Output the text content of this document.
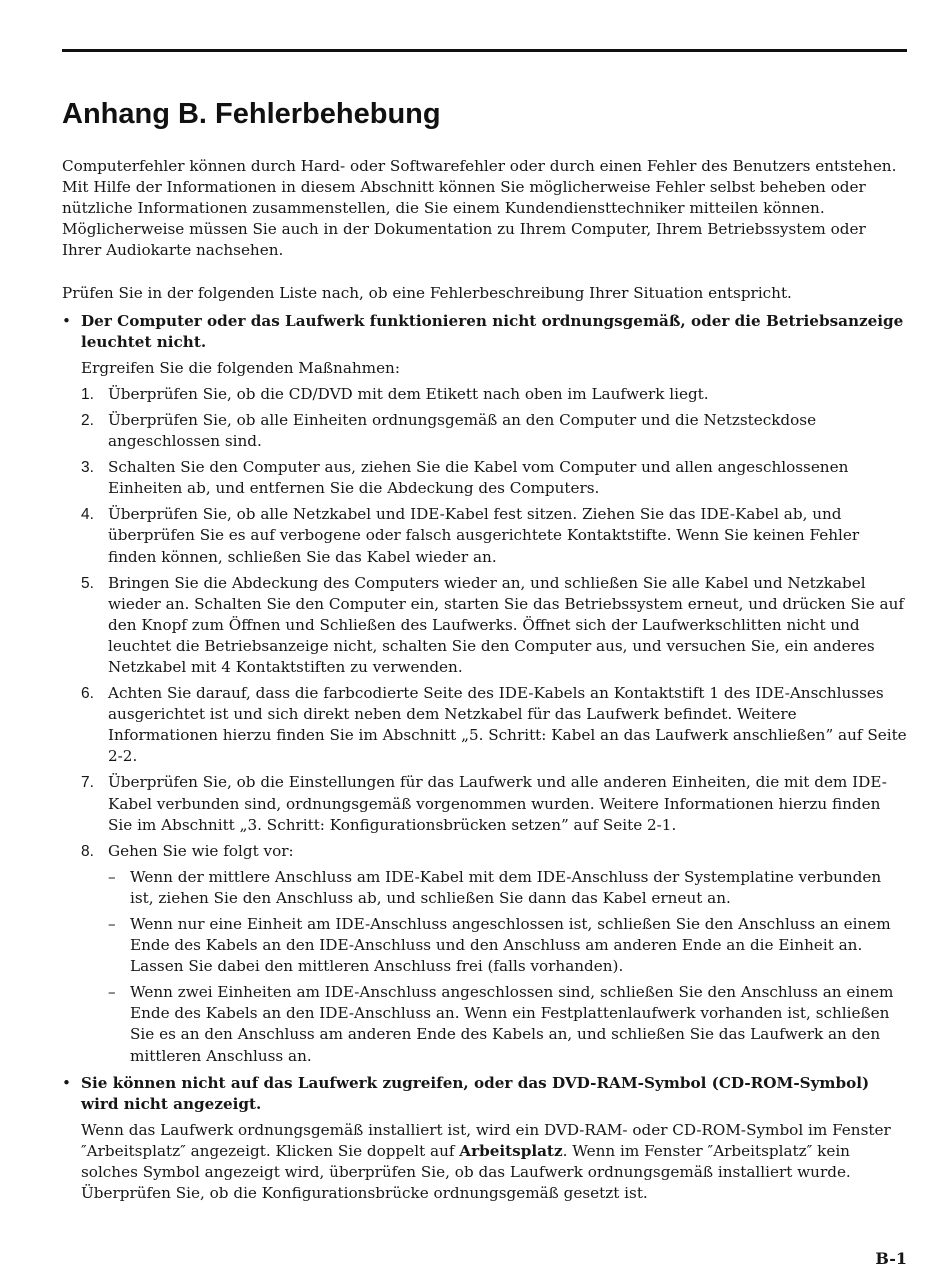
Anhang B. Fehlerbehebung

Computerfehler können durch Hard- oder Softwarefehler oder durch einen Fehler des Benutzers entstehen. Mit Hilfe der Informationen in diesem Abschnitt können Sie möglicherweise Fehler selbst beheben oder nützliche Informationen zusammenstellen, die Sie einem Kundendiensttechniker mitteilen können. Möglicherweise müssen Sie auch in der Dokumentation zu Ihrem Computer, Ihrem Betriebssystem oder Ihrer Audiokarte nachsehen.

Prüfen Sie in der folgenden Liste nach, ob eine Fehlerbeschreibung Ihrer Situation entspricht.

• Der Computer oder das Laufwerk funktionieren nicht ordnungsgemäß, oder die Betriebsanzeige leuchtet nicht.

Ergreifen Sie die folgenden Maßnahmen:

1. Überprüfen Sie, ob die CD/DVD mit dem Etikett nach oben im Laufwerk liegt.
2. Überprüfen Sie, ob alle Einheiten ordnungsgemäß an den Computer und die Netzsteckdose angeschlossen sind.
3. Schalten Sie den Computer aus, ziehen Sie die Kabel vom Computer und allen angeschlossenen Einheiten ab, und entfernen Sie die Abdeckung des Computers.
4. Überprüfen Sie, ob alle Netzkabel und IDE-Kabel fest sitzen. Ziehen Sie das IDE-Kabel ab, und überprüfen Sie es auf verbogene oder falsch ausgerichtete Kontaktstifte. Wenn Sie keinen Fehler finden können, schließen Sie das Kabel wieder an.
5. Bringen Sie die Abdeckung des Computers wieder an, und schließen Sie alle Kabel und Netzkabel wieder an. Schalten Sie den Computer ein, starten Sie das Betriebssystem erneut, und drücken Sie auf den Knopf zum Öffnen und Schließen des Laufwerks. Öffnet sich der Laufwerkschlitten nicht und leuchtet die Betriebsanzeige nicht, schalten Sie den Computer aus, und versuchen Sie, ein anderes Netzkabel mit 4 Kontaktstiften zu verwenden.
6. Achten Sie darauf, dass die farbcodierte Seite des IDE-Kabels an Kontaktstift 1 des IDE-Anschlusses ausgerichtet ist und sich direkt neben dem Netzkabel für das Laufwerk befindet. Weitere Informationen hierzu finden Sie im Abschnitt „5. Schritt: Kabel an das Laufwerk anschließen” auf Seite 2-2.
7. Überprüfen Sie, ob die Einstellungen für das Laufwerk und alle anderen Einheiten, die mit dem IDE-Kabel verbunden sind, ordnungsgemäß vorgenommen wurden. Weitere Informationen hierzu finden Sie im Abschnitt „3. Schritt: Konfigurationsbrücken setzen” auf Seite 2-1.
8. Gehen Sie wie folgt vor:
– Wenn der mittlere Anschluss am IDE-Kabel mit dem IDE-Anschluss der Systemplatine verbunden ist, ziehen Sie den Anschluss ab, und schließen Sie dann das Kabel erneut an.
– Wenn nur eine Einheit am IDE-Anschluss angeschlossen ist, schließen Sie den Anschluss an einem Ende des Kabels an den IDE-Anschluss und den Anschluss am anderen Ende an die Einheit an. Lassen Sie dabei den mittleren Anschluss frei (falls vorhanden).
– Wenn zwei Einheiten am IDE-Anschluss angeschlossen sind, schließen Sie den Anschluss an einem Ende des Kabels an den IDE-Anschluss an. Wenn ein Festplattenlaufwerk vorhanden ist, schließen Sie es an den Anschluss am anderen Ende des Kabels an, und schließen Sie das Laufwerk an den mittleren Anschluss an.

• Sie können nicht auf das Laufwerk zugreifen, oder das DVD-RAM-Symbol (CD-ROM-Symbol) wird nicht angezeigt.

Wenn das Laufwerk ordnungsgemäß installiert ist, wird ein DVD-RAM- oder CD-ROM-Symbol im Fenster ″Arbeitsplatz″ angezeigt. Klicken Sie doppelt auf Arbeitsplatz. Wenn im Fenster ″Arbeitsplatz″ kein solches Symbol angezeigt wird, überprüfen Sie, ob das Laufwerk ordnungsgemäß installiert wurde. Überprüfen Sie, ob die Konfigurationsbrücke ordnungsgemäß gesetzt ist.

B-1
